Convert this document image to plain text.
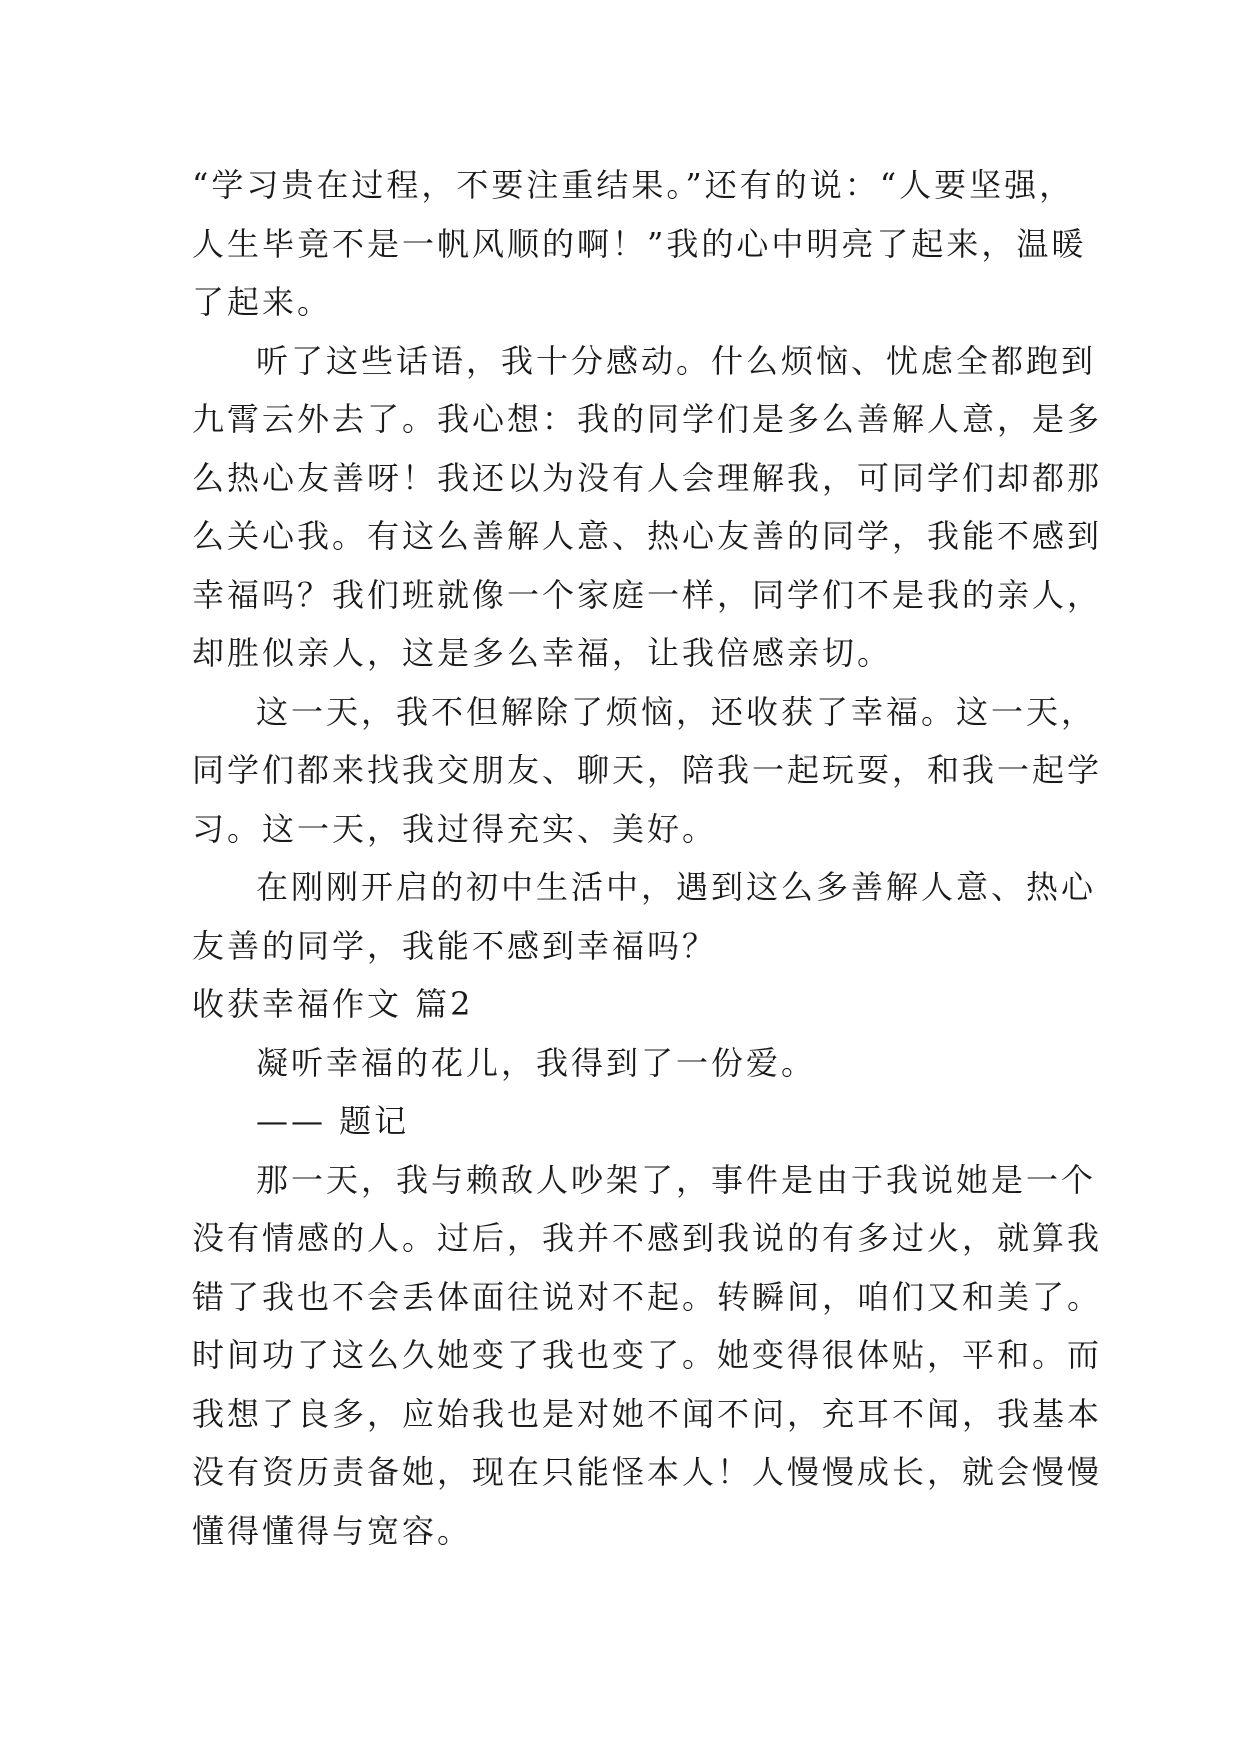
“学习贵在过程，不要注重结果。”还有的说：“人要坚强，
人生毕竟不是一帆风顺的啊！”我的心中明亮了起来，温暖
了起来。
听了这些话语，我十分感动。什么烦恼、忧虑全都跑到
九霄云外去了。我心想：我的同学们是多么善解人意，是多
么热心友善呀！我还以为没有人会理解我，可同学们却都那
么关心我。有这么善解人意、热心友善的同学，我能不感到
幸福吗？我们班就像一个家庭一样，同学们不是我的亲人，
却胜似亲人，这是多么幸福，让我倍感亲切。
这一天，我不但解除了烦恼，还收获了幸福。这一天，
同学们都来找我交朋友、聊天，陪我一起玩耍，和我一起学
习。这一天，我过得充实、美好。
在刚刚开启的初中生活中，遇到这么多善解人意、热心
友善的同学，我能不感到幸福吗？
收获幸福作文 篇2
凝听幸福的花儿，我得到了一份爱。
—— 题记
那一天，我与赖敌人吵架了，事件是由于我说她是一个
没有情感的人。过后，我并不感到我说的有多过火，就算我
错了我也不会丢体面往说对不起。转瞬间，咱们又和美了。
时间功了这么久她变了我也变了。她变得很体贴，平和。而
我想了良多，应始我也是对她不闻不问，充耳不闻，我基本
没有资历责备她，现在只能怪本人！人慢慢成长，就会慢慢
懂得懂得与宽容。
